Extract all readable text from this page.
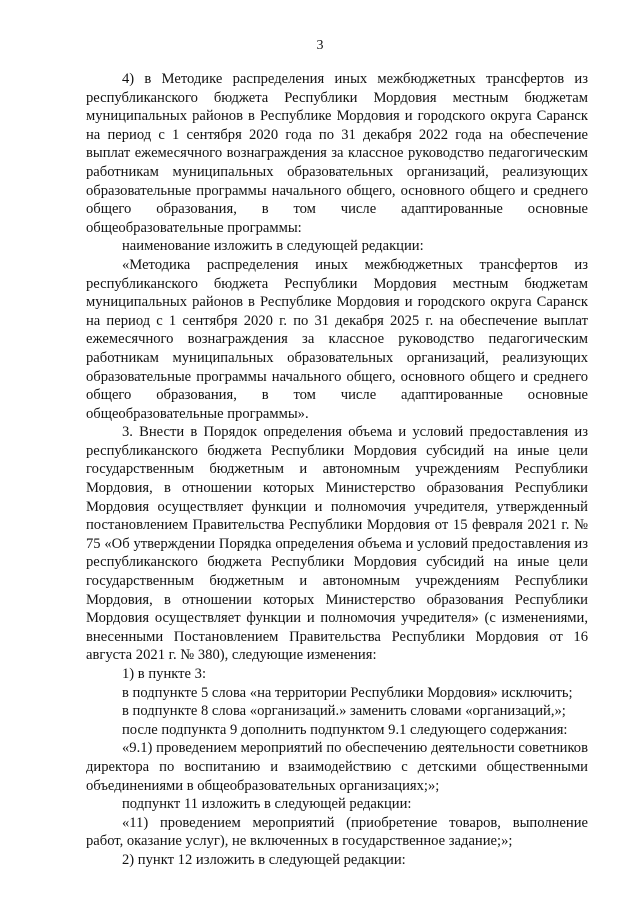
3

4) в Методике распределения иных межбюджетных трансфертов из республиканского бюджета Республики Мордовия местным бюджетам муниципальных районов в Республике Мордовия и городского округа Саранск на период с 1 сентября 2020 года по 31 декабря 2022 года на обеспечение выплат ежемесячного вознаграждения за классное руководство педагогическим работникам муниципальных образовательных организаций, реализующих образовательные программы начального общего, основного общего и среднего общего образования, в том числе адаптированные основные общеобразовательные программы:

наименование изложить в следующей редакции:

«Методика распределения иных межбюджетных трансфертов из республиканского бюджета Республики Мордовия местным бюджетам муниципальных районов в Республике Мордовия и городского округа Саранск на период с 1 сентября 2020 г. по 31 декабря 2025 г. на обеспечение выплат ежемесячного вознаграждения за классное руководство педагогическим работникам муниципальных образовательных организаций, реализующих образовательные программы начального общего, основного общего и среднего общего образования, в том числе адаптированные основные общеобразовательные программы».

3. Внести в Порядок определения объема и условий предоставления из республиканского бюджета Республики Мордовия субсидий на иные цели государственным бюджетным и автономным учреждениям Республики Мордовия, в отношении которых Министерство образования Республики Мордовия осуществляет функции и полномочия учредителя, утвержденный постановлением Правительства Республики Мордовия от 15 февраля 2021 г. № 75 «Об утверждении Порядка определения объема и условий предоставления из республиканского бюджета Республики Мордовия субсидий на иные цели государственным бюджетным и автономным учреждениям Республики Мордовия, в отношении которых Министерство образования Республики Мордовия осуществляет функции и полномочия учредителя» (с изменениями, внесенными Постановлением Правительства Республики Мордовия от 16 августа 2021 г. № 380), следующие изменения:

1) в пункте 3:

в подпункте 5 слова «на территории Республики Мордовия» исключить;

в подпункте 8 слова «организаций.» заменить словами «организаций,»;

после подпункта 9 дополнить подпунктом 9.1 следующего содержания:

«9.1) проведением мероприятий по обеспечению деятельности советников директора по воспитанию и взаимодействию с детскими общественными объединениями в общеобразовательных организациях;»;

подпункт 11 изложить в следующей редакции:

«11) проведением мероприятий (приобретение товаров, выполнение работ, оказание услуг), не включенных в государственное задание;»;

2) пункт 12 изложить в следующей редакции:
